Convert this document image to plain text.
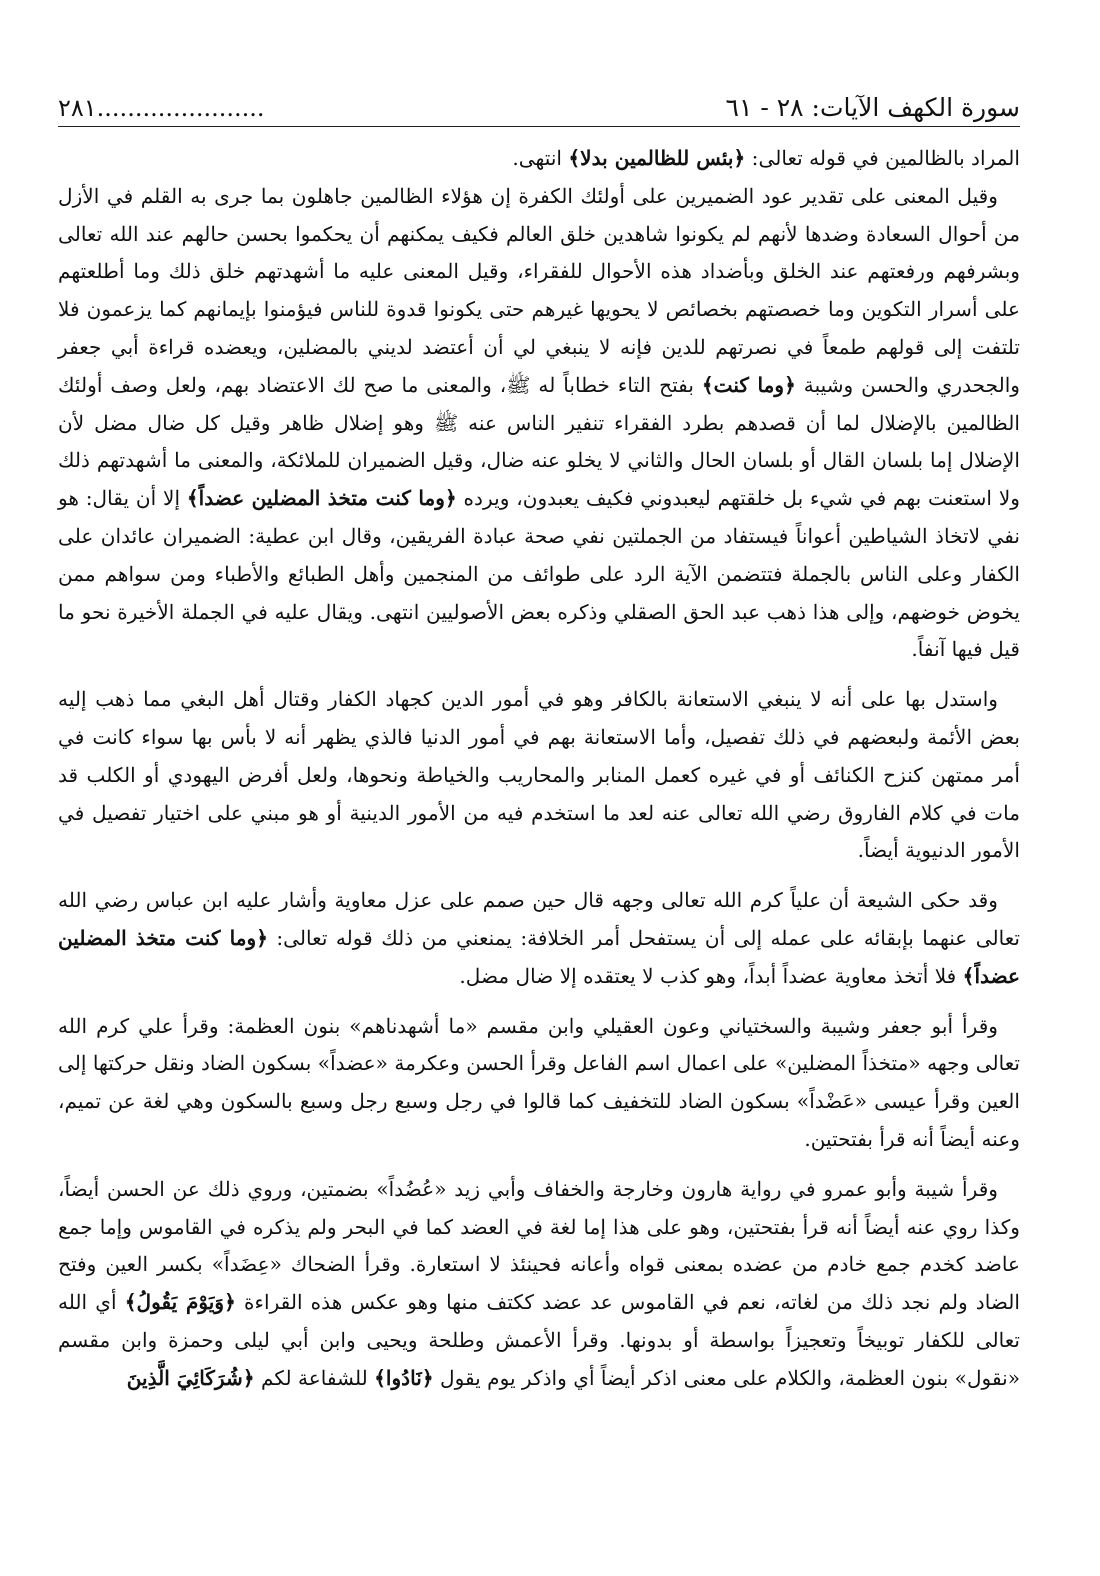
سورة الكهف الآيات: ٢٨ - ٦١
٢٨١......................

المراد بالظالمين في قوله تعالى: ﴿بئس للظالمين بدلا﴾ انتهى.

وقيل المعنى على تقدير عود الضميرين على أولئك الكفرة إن هؤلاء الظالمين جاهلون بما جرى به القلم في الأزل من أحوال السعادة وضدها لأنهم لم يكونوا شاهدين خلق العالم فكيف يمكنهم أن يحكموا بحسن حالهم عند الله تعالى وبشرفهم ورفعتهم عند الخلق وبأضداد هذه الأحوال للفقراء، وقيل المعنى عليه ما أشهدتهم خلق ذلك وما أطلعتهم على أسرار التكوين وما خصصتهم بخصائص لا يحويها غيرهم حتى يكونوا قدوة للناس فيؤمنوا بإيمانهم كما يزعمون فلا تلتفت إلى قولهم طمعاً في نصرتهم للدين فإنه لا ينبغي لي أن أعتضد لديني بالمضلين، ويعضده قراءة أبي جعفر والجحدري والحسن وشيبة ﴿وما كنت﴾ بفتح التاء خطاباً له ﷺ، والمعنى ما صح لك الاعتضاد بهم، ولعل وصف أولئك الظالمين بالإضلال لما أن قصدهم بطرد الفقراء تنفير الناس عنه ﷺ وهو إضلال ظاهر وقيل كل ضال مضل لأن الإضلال إما بلسان القال أو بلسان الحال والثاني لا يخلو عنه ضال، وقيل الضميران للملائكة، والمعنى ما أشهدتهم ذلك ولا استعنت بهم في شيء بل خلقتهم ليعبدوني فكيف يعبدون، ويرده ﴿وما كنت متخذ المضلين عضداً﴾ إلا أن يقال: هو نفي لاتخاذ الشياطين أعواناً فيستفاد من الجملتين نفي صحة عبادة الفريقين، وقال ابن عطية: الضميران عائدان على الكفار وعلى الناس بالجملة فتتضمن الآية الرد على طوائف من المنجمين وأهل الطبائع والأطباء ومن سواهم ممن يخوض خوضهم، وإلى هذا ذهب عبد الحق الصقلي وذكره بعض الأصوليين انتهى. ويقال عليه في الجملة الأخيرة نحو ما قيل فيها آنفاً.

واستدل بها على أنه لا ينبغي الاستعانة بالكافر وهو في أمور الدين كجهاد الكفار وقتال أهل البغي مما ذهب إليه بعض الأئمة ولبعضهم في ذلك تفصيل، وأما الاستعانة بهم في أمور الدنيا فالذي يظهر أنه لا بأس بها سواء كانت في أمر ممتهن كنزح الكنائف أو في غيره كعمل المنابر والمحاريب والخياطة ونحوها، ولعل أفرض اليهودي أو الكلب قد مات في كلام الفاروق رضي الله تعالى عنه لعد ما استخدم فيه من الأمور الدينية أو هو مبني على اختيار تفصيل في الأمور الدنيوية أيضاً.

وقد حكى الشيعة أن علياً كرم الله تعالى وجهه قال حين صمم على عزل معاوية وأشار عليه ابن عباس رضي الله تعالى عنهما بإبقائه على عمله إلى أن يستفحل أمر الخلافة: يمنعني من ذلك قوله تعالى: ﴿وما كنت متخذ المضلين عضداً﴾ فلا أتخذ معاوية عضداً أبداً، وهو كذب لا يعتقده إلا ضال مضل.

وقرأ أبو جعفر وشيبة والسختياني وعون العقيلي وابن مقسم «ما أشهدناهم» بنون العظمة: وقرأ علي كرم الله تعالى وجهه «متخذاً المضلين» على اعمال اسم الفاعل وقرأ الحسن وعكرمة «عضداً» بسكون الضاد ونقل حركتها إلى العين وقرأ عيسى «عَضْداً» بسكون الضاد للتخفيف كما قالوا في رجل وسبع رجل وسبع بالسكون وهي لغة عن تميم، وعنه أيضاً أنه قرأ بفتحتين.

وقرأ شيبة وأبو عمرو في رواية هارون وخارجة والخفاف وأبي زيد «عُضُداً» بضمتين، وروي ذلك عن الحسن أيضاً، وكذا روي عنه أيضاً أنه قرأ بفتحتين، وهو على هذا إما لغة في العضد كما في البحر ولم يذكره في القاموس وإما جمع عاضد كخدم جمع خادم من عضده بمعنى قواه وأعانه فحينئذ لا استعارة. وقرأ الضحاك «عِضَداً» بكسر العين وفتح الضاد ولم نجد ذلك من لغاته، نعم في القاموس عد عضد ككتف منها وهو عكس هذه القراءة ﴿وَيَوْمَ يَقُولُ﴾ أي الله تعالى للكفار توبيخاً وتعجيزاً بواسطة أو بدونها. وقرأ الأعمش وطلحة ويحيى وابن أبي ليلى وحمزة وابن مقسم «نقول» بنون العظمة، والكلام على معنى اذكر أيضاً أي واذكر يوم يقول ﴿نَادُوا﴾ للشفاعة لكم ﴿شُرَكَائِيَ الَّذِينَ
